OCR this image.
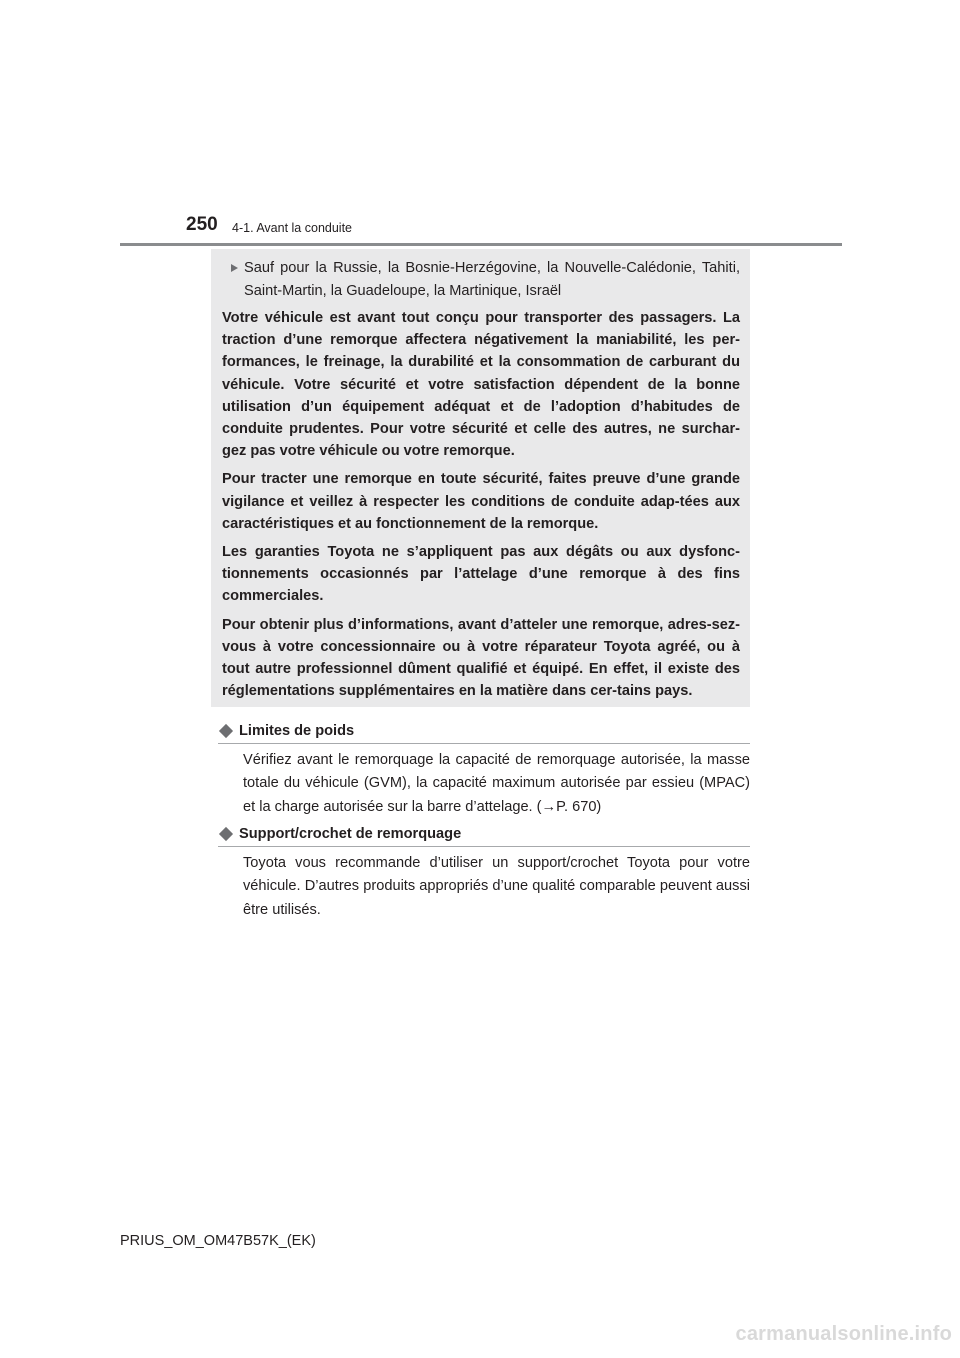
250 4-1. Avant la conduite
Sauf pour la Russie, la Bosnie-Herzégovine, la Nouvelle-Calédonie, Tahiti, Saint-Martin, la Guadeloupe, la Martinique, Israël

Votre véhicule est avant tout conçu pour transporter des passagers. La traction d’une remorque affectera négativement la maniabilité, les per-formances, le freinage, la durabilité et la consommation de carburant du véhicule. Votre sécurité et votre satisfaction dépendent de la bonne utilisation d’un équipement adéquat et de l’adoption d’habitudes de conduite prudentes. Pour votre sécurité et celle des autres, ne surchar-gez pas votre véhicule ou votre remorque.

Pour tracter une remorque en toute sécurité, faites preuve d’une grande vigilance et veillez à respecter les conditions de conduite adap-tées aux caractéristiques et au fonctionnement de la remorque.

Les garanties Toyota ne s’appliquent pas aux dégâts ou aux dysfonc-tionnements occasionnés par l’attelage d’une remorque à des fins commerciales.

Pour obtenir plus d’informations, avant d’atteler une remorque, adres-sez-vous à votre concessionnaire ou à votre réparateur Toyota agréé, ou à tout autre professionnel dûment qualifié et équipé. En effet, il existe des réglementations supplémentaires en la matière dans cer-tains pays.

Limites de poids

Vérifiez avant le remorquage la capacité de remorquage autorisée, la masse totale du véhicule (GVM), la capacité maximum autorisée par essieu (MPAC) et la charge autorisée sur la barre d’attelage. (→P. 670)

Support/crochet de remorquage

Toyota vous recommande d’utiliser un support/crochet Toyota pour votre véhicule. D’autres produits appropriés d’une qualité comparable peuvent aussi être utilisés.

PRIUS_OM_OM47B57K_(EK)
carmanualsonline.info
